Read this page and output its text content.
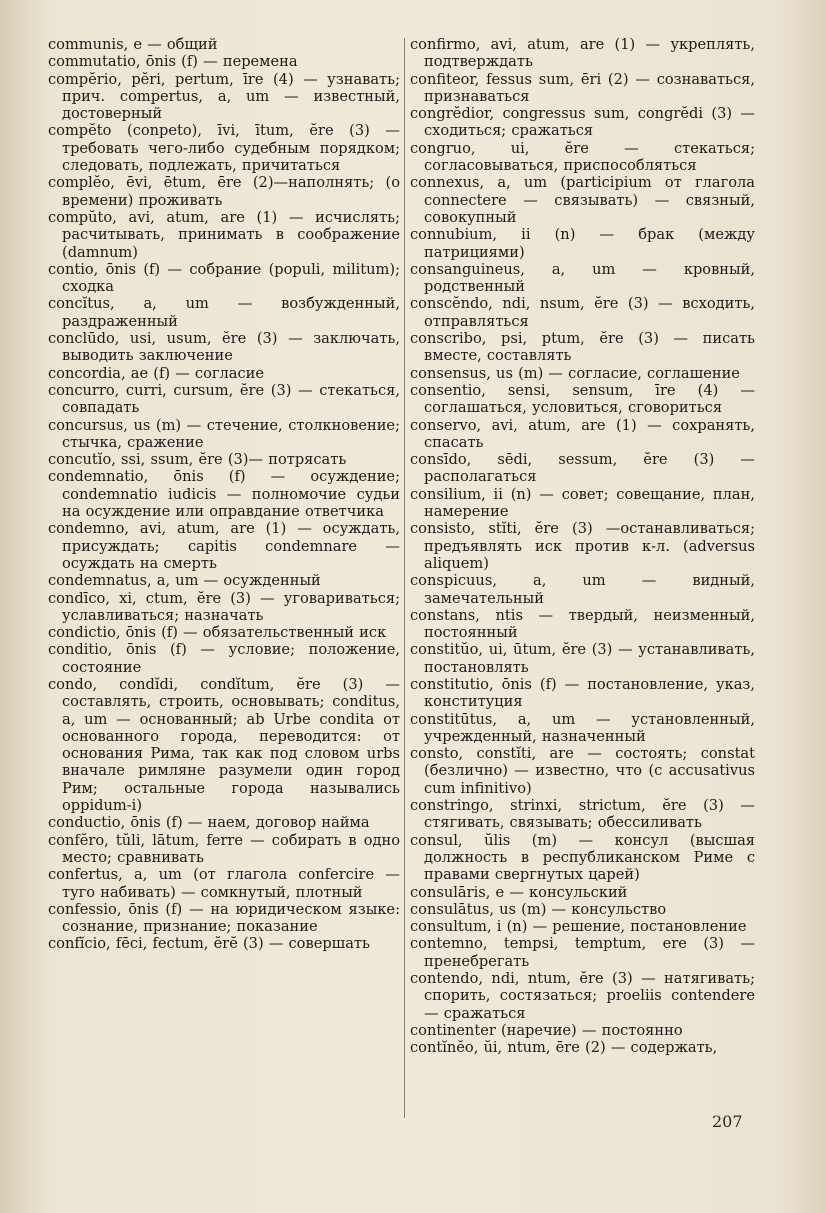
communis, e — общий

commutatio, ōnis (f) — перемена

compĕrio, pĕri, pertum, īre (4) — узнавать; прич. compertus, a, um — известный, достоверный

compĕto (conpeto), īvi, ītum, ĕre (3) — требовать чего-либо судебным порядком; следовать, подлежать, причитаться

complĕo, ēvi, ētum, ēre (2)—наполнять; (о времени) проживать

compŭto, avi, atum, are (1) — исчислять; расчитывать, принимать в соображение (damnum)

contio, ōnis (f) — собрание (populi, militum); сходка

concĭtus, a, um — возбужденный, раздраженный

conclūdo, usi, usum, ĕre (3) — заключать, выводить заключение

concordia, ae (f) — согласие

concurro, curri, cursum, ĕre (3) — стекаться, совпадать

concursus, us (m) — стечение, столкновение; стычка, сражение

concutĭo, ssi, ssum, ĕre (3)— потрясать

condemnatio, ōnis (f) — осуждение; condemnatio iudicis — полномочие судьи на осуждение или оправдание ответчика

condemno, avi, atum, are (1) — осуждать, присуждать; capitis condemnare — осуждать на смерть

condemnatus, a, um — осужденный

condīco, xi, ctum, ĕre (3) — уговариваться; уславливаться; назначать

condictio, ōnis (f) — обязательственный иск

conditio, ōnis (f) — условие; положение, состояние

condo, condĭdi, condĭtum, ĕre (3) — составлять, строить, основывать; conditus, a, um — основанный; ab Urbe condita от основанного города, переводится: от основания Рима, так как под словом urbs вначале римляне разумели один город Рим; остальные города назывались oppidum-i)

conductio, ōnis (f) — наем, договор найма

confĕro, tŭli, lātum, ferre — собирать в одно место; сравнивать

confertus, a, um (от глагола confercire — туго набивать) — сомкнутый, плотный

confessio, ōnis (f) — на юридическом языке: сознание, признание; показание

confĭcio, fēci, fectum, ĕrĕ (3) — совершать

confirmo, avi, atum, are (1) — укреплять, подтверждать

confiteor, fessus sum, ēri (2) — сознаваться, признаваться

congrĕdior, congressus sum, congrĕdi (3) — сходиться; сражаться

congruo, ui, ĕre — стекаться; согласовываться, приспособляться

connexus, a, um (participium от глагола connectere — связывать) — связный, совокупный

connubium, ii (n) — брак (между патрициями)

consanguineus, a, um — кровный, родственный

conscĕndo, ndi, nsum, ĕre (3) — всходить, отправляться

conscribo, psi, ptum, ĕre (3) — писать вместе, составлять

consensus, us (m) — согласие, соглашение

consentio, sensi, sensum, īre (4) — соглашаться, условиться, сговориться

conservo, avi, atum, are (1) — сохранять, спасать

consīdo, sēdi, sessum, ĕre (3) — располагаться

consilium, ii (n) — совет; совещание, план, намерение

consisto, stĭti, ĕre (3) —останавливаться; предъявлять иск против к-л. (adversus aliquem)

conspicuus, a, um — видный, замечательный

constans, ntis — твердый, неизменный, постоянный

constitŭo, ui, ūtum, ĕre (3) — устанавливать, постановлять

constitutio, ōnis (f) — постановление, указ, конституция

constitūtus, a, um — установленный, учрежденный, назначенный

consto, constĭti, are — состоять; constat (безлично) — известно, что (с accusativus cum infinitivo)

constringo, strinxi, strictum, ĕre (3) — стягивать, связывать; обессиливать

consul, ŭlis (m) — консул (высшая должность в республиканском Риме с правами свергнутых царей)

consulāris, e — консульский

consulātus, us (m) — консульство

consultum, i (n) — решение, постановление

contemno, tempsi, temptum, ere (3) — пренебрегать

contendo, ndi, ntum, ĕre (3) — натягивать; спорить, состязаться; proeliis contendere — сражаться

continenter (наречие) — постоянно

contĭnĕo, ŭi, ntum, ēre (2) — содержать,

207
